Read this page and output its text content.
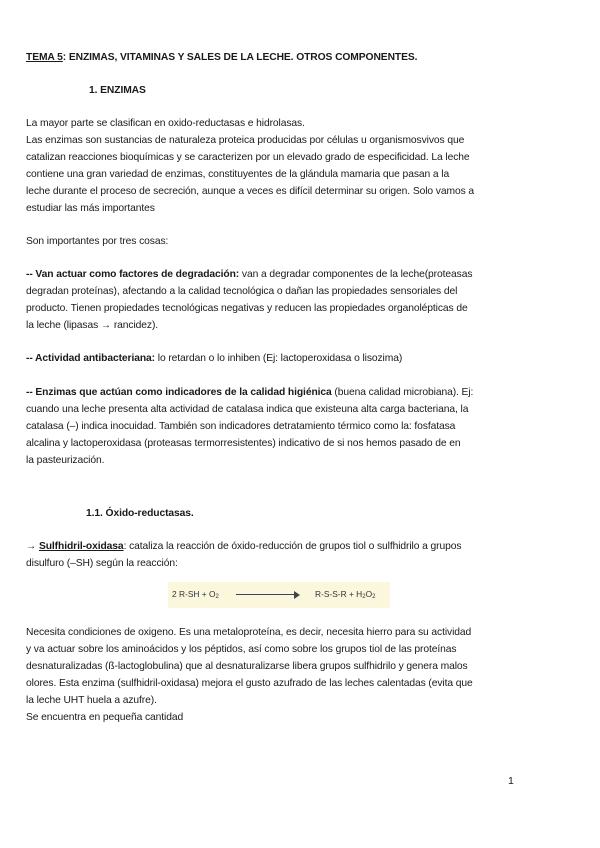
TEMA 5: ENZIMAS, VITAMINAS Y SALES DE LA LECHE. OTROS COMPONENTES.
1. ENZIMAS
La mayor parte se clasifican en oxido-reductasas e hidrolasas.
Las enzimas son sustancias de naturaleza proteica producidas por células u organismosvivos que
catalizan reacciones bioquímicas y se caracterizen por un elevado grado de especificidad. La leche
contiene una gran variedad de enzimas, constituyentes de la glándula mamaria que pasan a la
leche durante el proceso de secreción, aunque a veces es difícil determinar su origen. Solo vamos a
estudiar las más importantes
Son importantes por tres cosas:
-- Van actuar como factores de degradación: van a degradar componentes de la leche(proteasas
degradan proteínas), afectando a la calidad tecnológica o dañan las propiedades sensoriales del
producto. Tienen propiedades tecnológicas negativas y reducen las propiedades organolépticas de
la leche (lipasas → rancidez).
-- Actividad antibacteriana: lo retardan o lo inhiben (Ej: lactoperoxidasa o lisozima)
-- Enzimas que actúan como indicadores de la calidad higiénica (buena calidad microbiana). Ej:
cuando una leche presenta alta actividad de catalasa indica que existeuna alta carga bacteriana, la
catalasa (–) indica inocuidad. También son indicadores detratamiento térmico como la: fosfatasa
alcalina y lactoperoxidasa (proteasas termorresistentes) indicativo de si nos hemos pasado de en
la pasteurización.
1.1. Óxido-reductasas.
→ Sulfhidril-oxidasa: cataliza la reacción de óxido-reducción de grupos tiol o sulfhidrilo a grupos
disulfuro (–SH) según la reacción:
2 $R-SH + O_2$	$R-S-S-R + H_2O_2$
Necesita condiciones de oxigeno. Es una metaloproteína, es decir, necesita hierro para su actividad
y va actuar sobre los aminoácidos y los péptidos, así como sobre los grupos tiol de las proteínas
desnaturalizadas (ß-lactoglobulina) que al desnaturalizarse libera grupos sulfhidrilo y genera malos
olores. Esta enzima (sulfhidril-oxidasa) mejora el gusto azufrado de las leches calentadas (evita que
la leche UHT huela a azufre).
Se encuentra en pequeña cantidad
1
